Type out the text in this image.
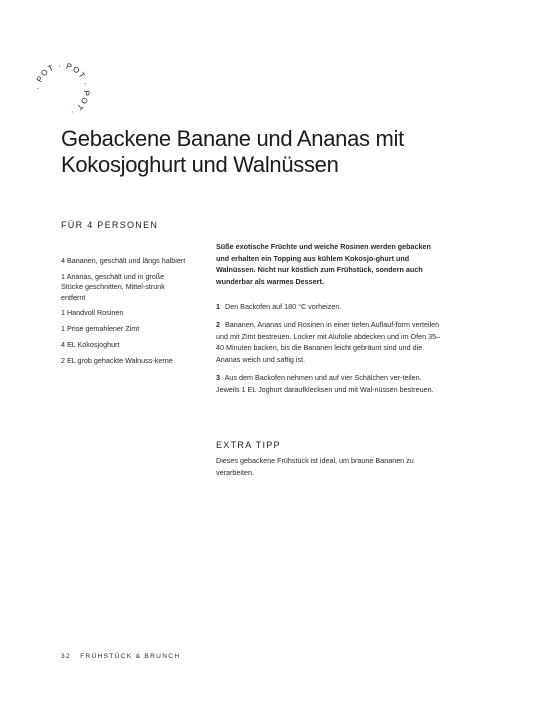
· POT · POT · POT ·
Gebackene Banane und Ananas mit Kokosjoghurt und Walnüssen
FÜR 4 PERSONEN
4 Bananen, geschält und längs halbiert
1 Ananas, geschält und in große Stücke geschnitten, Mittel-strunk entfernt
1 Handvoll Rosinen
1 Prise gemahlener Zimt
4 EL Kokosjoghurt
2 EL grob gehackte Walnuss-kerne

Süße exotische Früchte und weiche Rosinen werden gebacken und erhalten ein Topping aus kühlem Kokosjo-ghurt und Walnüssen. Nicht nur köstlich zum Frühstück, sondern auch wunderbar als warmes Dessert.

1 Den Backofen auf 180 °C vorheizen.
2 Bananen, Ananas und Rosinen in einer tiefen Auflauf-form verteilen und mit Zimt bestreuen. Locker mit Alufolie abdecken und im Ofen 35–40 Minuten backen, bis die Bananen leicht gebräunt sind und die Ananas weich und saftig ist.
3 Aus dem Backofen nehmen und auf vier Schälchen ver-teilen. Jeweils 1 EL Joghurt daraufklecksen und mit Wal-nüssen bestreuen.
EXTRA TIPP

Dieses gebackene Frühstück ist ideal, um braune Bananen zu verarbeiten.

32 FRÜHSTÜCK & BRUNCH
